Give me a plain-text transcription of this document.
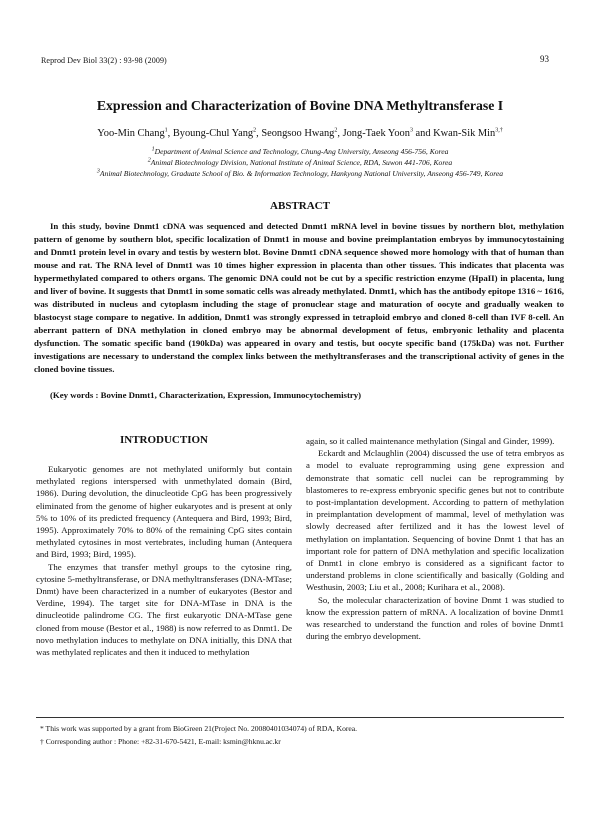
Reprod Dev Biol 33(2) : 93-98 (2009)	93
Expression and Characterization of Bovine DNA Methyltransferase I
Yoo-Min Chang$^1$, Byoung-Chul Yang$^2$, Seongsoo Hwang$^2$, Jong-Taek Yoon$^3$ and Kwan-Sik Min$^{3,\dagger}$
$^1$Department of Animal Science and Technology, Chung-Ang University, Anseong 456-756, Korea
$^2$Animal Biotechnology Division, National Institute of Animal Science, RDA, Suwon 441-706, Korea
$^3$Animal Biotechnology, Graduate School of Bio. & Information Technology, Hankyong National University, Anseong 456-749, Korea
ABSTRACT
In this study, bovine Dnmt1 cDNA was sequenced and detected Dnmt1 mRNA level in bovine tissues by northern blot, methylation pattern of genome by southern blot, specific localization of Dnmt1 in mouse and bovine preimplantation embryos by immunocytostaining and Dnmt1 protein level in ovary and testis by western blot. Bovine Dnmt1 cDNA sequence showed more homology with that of human than mouse and rat. The RNA level of Dnmt1 was 10 times higher expression in placenta than other tissues. This indicates that placenta was hypermethylated compared to others organs. The genomic DNA could not be cut by a specific restriction enzyme (HpaII) in placenta, lung and liver of bovine. It suggests that Dnmt1 in some somatic cells was already methylated. Dnmt1, which has the antibody epitope 1316 ~ 1616, was distributed in nucleus and cytoplasm including the stage of pronuclear stage and maturation of oocyte and gradually weaken to blastocyst stage compare to negative. In addition, Dnmt1 was strongly expressed in tetraploid embryo and cloned 8-cell than IVF 8-cell. An aberrant pattern of DNA methylation in cloned embryo may be abnormal development of fetus, embryonic lethality and placenta dysfunction. The somatic specific band (190kDa) was appeared in ovary and testis, but oocyte specific band (175kDa) was not. Further investigations are necessary to understand the complex links between the methyltransferases and the transcriptional activity of genes in the cloned bovine tissues.
(Key words : Bovine Dnmt1, Characterization, Expression, Immunocytochemistry)
INTRODUCTION

Eukaryotic genomes are not methylated uniformly but contain methylated regions interspersed with unmethylated domain (Bird, 1986). During devolution, the dinucleotide CpG has been progressively eliminated from the genome of higher eukaryotes and is present at only 5% to 10% of its predicted frequency (Antequera and Bird, 1993; Bird, 1995). Approximately 70% to 80% of the remaining CpG sites contain methylated cytosines in most vertebrates, including human (Antequera and Bird, 1993; Bird, 1995).

The enzymes that transfer methyl groups to the cytosine ring, cytosine 5-methyltransferase, or DNA methyltransferases (DNA-MTase; Dnmt) have been characterized in a number of eukaryotes (Bestor and Verdine, 1994). The target site for DNA-MTase in DNA is the dinucleotide palindrome CG. The first eukaryotic DNA-MTase gene cloned from mouse (Bestor et al., 1988) is now referred to as Dnmt1. De novo methylation induces to methylate on DNA initially, this DNA that was methylated replicates and then it induced to methylation

again, so it called maintenance methylation (Singal and Ginder, 1999).

Eckardt and Mclaughlin (2004) discussed the use of tetra embryos as a model to evaluate reprogramming using gene expression and demonstrate that somatic cell nuclei can be reprogramming by blastomeres to re-express embryonic specific genes but not to contribute to post-implantation development. According to pattern of methylation in preimplantation development of mammal, level of methylation was slowly decreased after fertilized and it has the lowest level of methylation on implantation. Sequencing of bovine Dnmt 1 that has an important role for pattern of DNA methylation and specific localization of Dnmt1 in clone embryo is considered as a significant factor to understand problems in clone scientifically and basically (Golding and Westhusin, 2003; Liu et al., 2008; Kurihara et al., 2008).

So, the molecular characterization of bovine Dnmt 1 was studied to know the expression pattern of mRNA. A localization of bovine Dnmt1 was researched to understand the function and roles of bovine Dnmt1 during the embryo development.

* This work was supported by a grant from BioGreen 21(Project No. 20080401034074) of RDA, Korea.
† Corresponding author : Phone: +82-31-670-5421, E-mail: ksmin@hknu.ac.kr
